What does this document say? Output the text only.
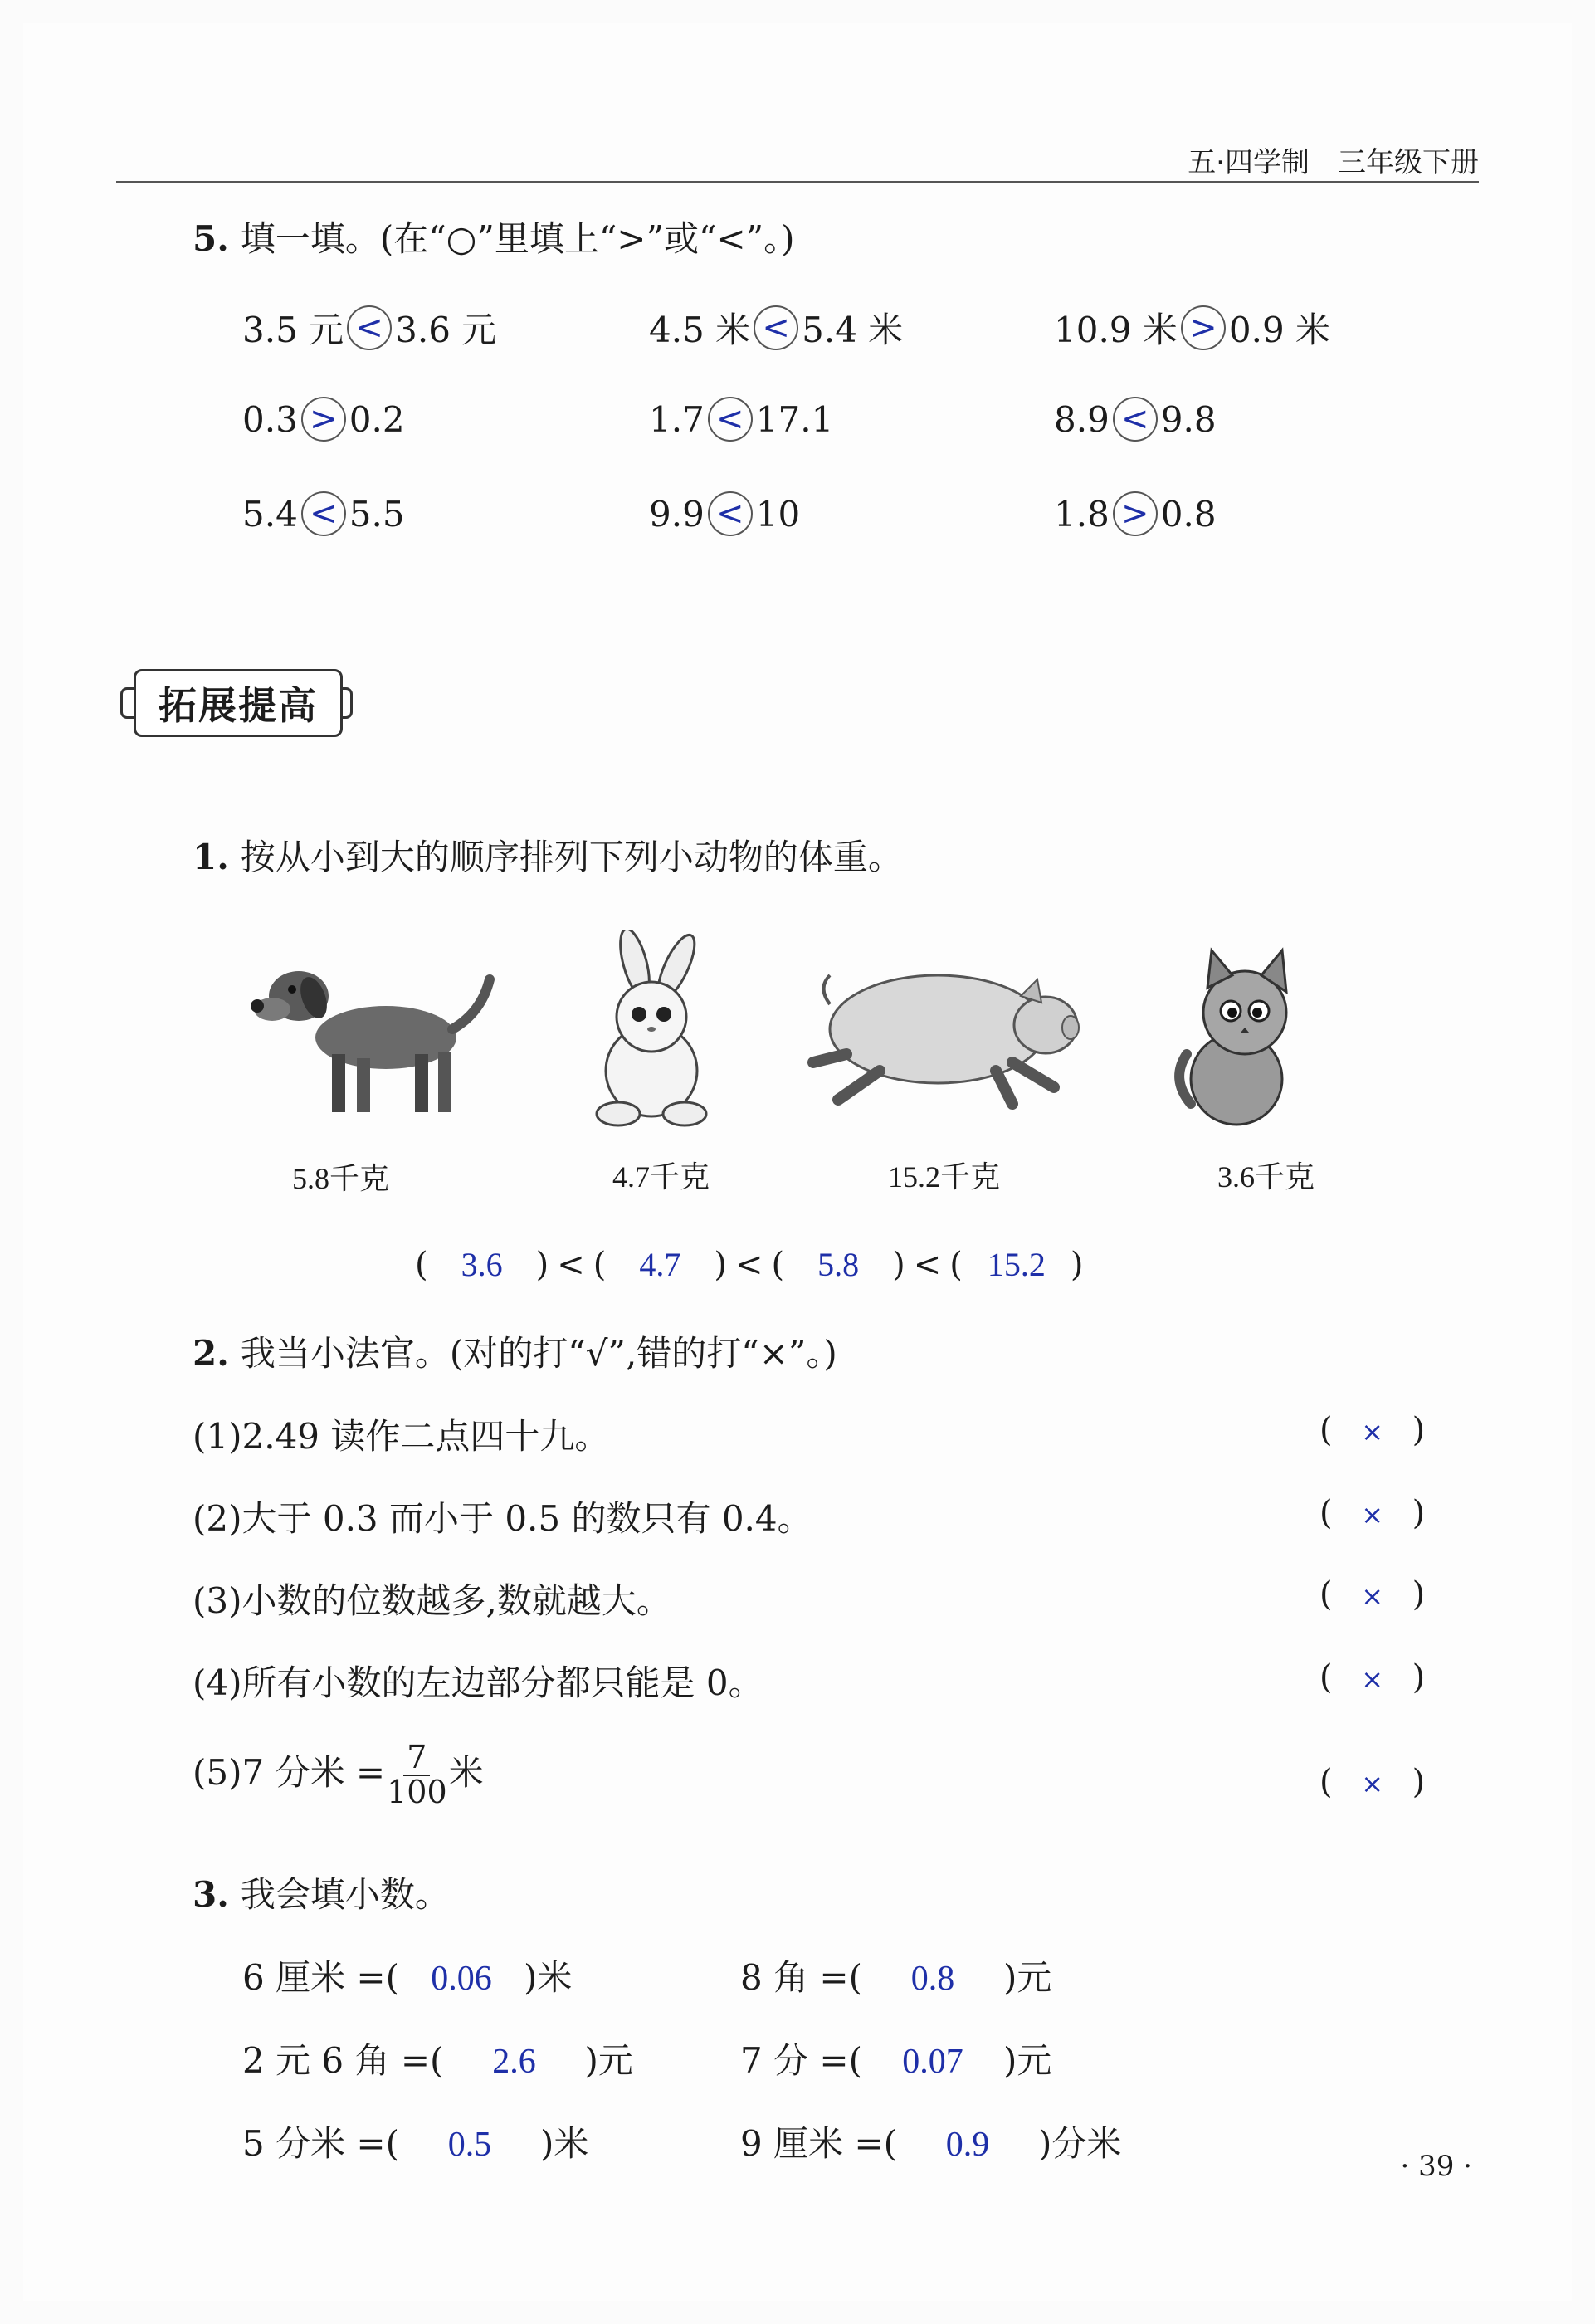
五·四学制 三年级下册
5. 填一填。(在“○”里填上“>”或“<”。)
3.5 元 < 3.6 元	4.5 米 < 5.4 米	10.9 米 > 0.9 米
0.3 > 0.2	1.7 < 17.1	8.9 < 9.8
5.4 < 5.5	9.9 < 10	1.8 > 0.8
拓展提高
1. 按从小到大的顺序排列下列小动物的体重。
5.8千克	4.7千克	15.2千克	3.6千克
(	3.6	) < (	4.7	) < (	5.8	) < ( 15.2 )
2. 我当小法官。(对的打“√”,错的打“×”。)
(1)2.49 读作二点四十九。	( × )
(2)大于 0.3 而小于 0.5 的数只有 0.4。	( × )
(3)小数的位数越多,数就越大。	( × )
(4)所有小数的左边部分都只能是 0。	( × )
(5)7 分米 = $\frac{7}{100}$ 米	( × )
3. 我会填小数。
6 厘米 =( 0.06 )米	8 角 =( 0.8 )元
2 元 6 角 =( 2.6 )元	7 分 =( 0.07 )元
5 分米 =( 0.5 )米	9 厘米 =( 0.9 )分米
· 39 ·
